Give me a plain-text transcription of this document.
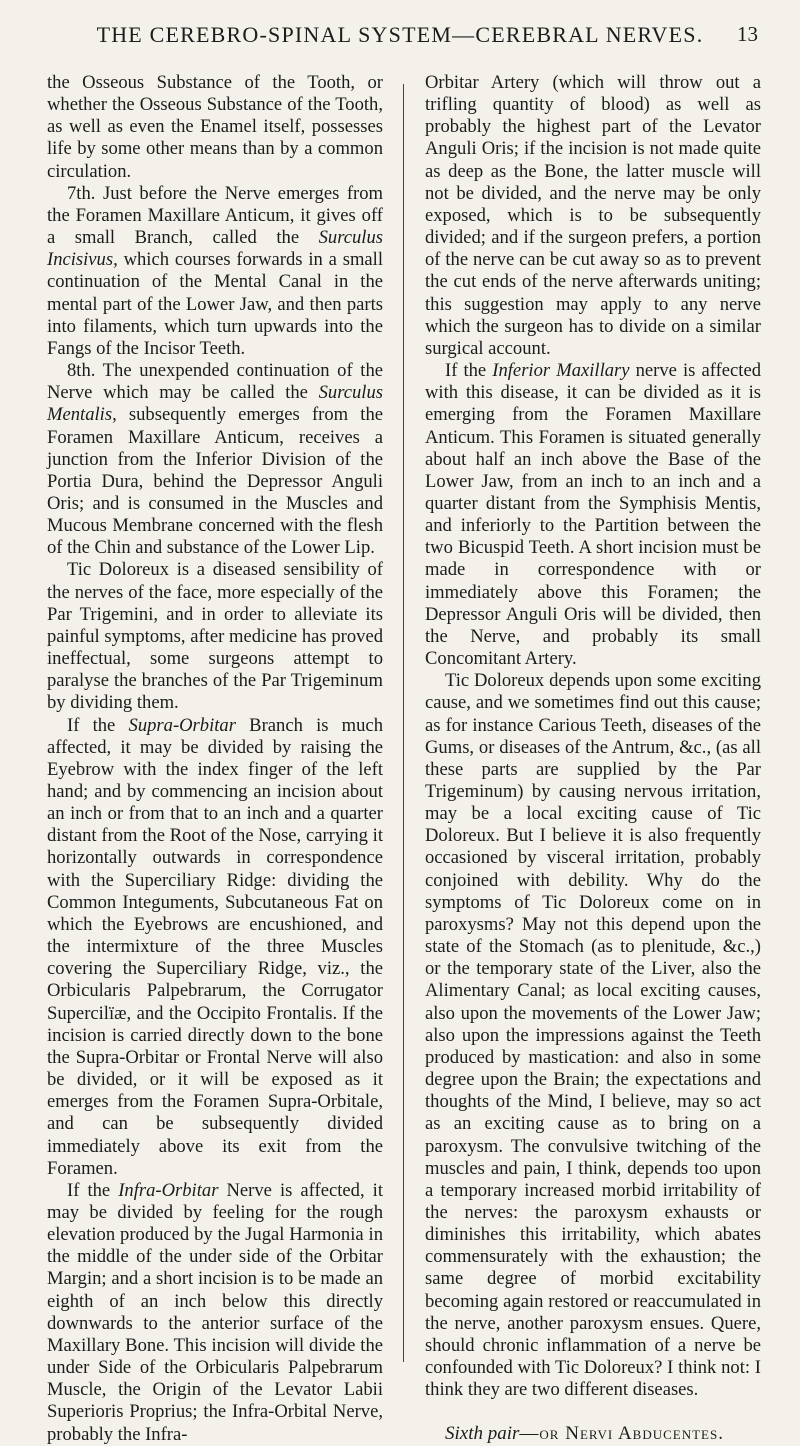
THE CEREBRO-SPINAL SYSTEM—CEREBRAL NERVES.	13

the Osseous Substance of the Tooth, or whether the Osseous Substance of the Tooth, as well as even the Enamel itself, possesses life by some other means than by a common circulation.

7th. Just before the Nerve emerges from the Foramen Maxillare Anticum, it gives off a small Branch, called the Surculus Incisivus, which courses forwards in a small continuation of the Mental Canal in the mental part of the Lower Jaw, and then parts into filaments, which turn upwards into the Fangs of the Incisor Teeth.

8th. The unexpended continuation of the Nerve which may be called the Surculus Mentalis, subsequently emerges from the Foramen Maxillare Anticum, receives a junction from the Inferior Division of the Portia Dura, behind the Depressor Anguli Oris; and is consumed in the Muscles and Mucous Membrane concerned with the flesh of the Chin and substance of the Lower Lip.

Tic Doloreux is a diseased sensibility of the nerves of the face, more especially of the Par Trigemini, and in order to alleviate its painful symptoms, after medicine has proved ineffectual, some surgeons attempt to paralyse the branches of the Par Trigeminum by dividing them.

If the Supra-Orbitar Branch is much affected, it may be divided by raising the Eyebrow with the index finger of the left hand; and by commencing an incision about an inch or from that to an inch and a quarter distant from the Root of the Nose, carrying it horizontally outwards in correspondence with the Superciliary Ridge: dividing the Common Integuments, Subcutaneous Fat on which the Eyebrows are encushioned, and the intermixture of the three Muscles covering the Superciliary Ridge, viz., the Orbicularis Palpebrarum, the Corrugator Supercilïæ, and the Occipito Frontalis. If the incision is carried directly down to the bone the Supra-Orbitar or Frontal Nerve will also be divided, or it will be exposed as it emerges from the Foramen Supra-Orbitale, and can be subsequently divided immediately above its exit from the Foramen.

If the Infra-Orbitar Nerve is affected, it may be divided by feeling for the rough elevation produced by the Jugal Harmonia in the middle of the under side of the Orbitar Margin; and a short incision is to be made an eighth of an inch below this directly downwards to the anterior surface of the Maxillary Bone. This incision will divide the under Side of the Orbicularis Palpebrarum Muscle, the Origin of the Levator Labii Superioris Proprius; the Infra-Orbital Nerve, probably the Infra-

Orbitar Artery (which will throw out a trifling quantity of blood) as well as probably the highest part of the Levator Anguli Oris; if the incision is not made quite as deep as the Bone, the latter muscle will not be divided, and the nerve may be only exposed, which is to be subsequently divided; and if the surgeon prefers, a portion of the nerve can be cut away so as to prevent the cut ends of the nerve afterwards uniting; this suggestion may apply to any nerve which the surgeon has to divide on a similar surgical account.

If the Inferior Maxillary nerve is affected with this disease, it can be divided as it is emerging from the Foramen Maxillare Anticum. This Foramen is situated generally about half an inch above the Base of the Lower Jaw, from an inch to an inch and a quarter distant from the Symphisis Mentis, and inferiorly to the Partition between the two Bicuspid Teeth. A short incision must be made in correspondence with or immediately above this Foramen; the Depressor Anguli Oris will be divided, then the Nerve, and probably its small Concomitant Artery.

Tic Doloreux depends upon some exciting cause, and we sometimes find out this cause; as for instance Carious Teeth, diseases of the Gums, or diseases of the Antrum, &c., (as all these parts are supplied by the Par Trigeminum) by causing nervous irritation, may be a local exciting cause of Tic Doloreux. But I believe it is also frequently occasioned by visceral irritation, probably conjoined with debility. Why do the symptoms of Tic Doloreux come on in paroxysms? May not this depend upon the state of the Stomach (as to plenitude, &c.,) or the temporary state of the Liver, also the Alimentary Canal; as local exciting causes, also upon the movements of the Lower Jaw; also upon the impressions against the Teeth produced by mastication: and also in some degree upon the Brain; the expectations and thoughts of the Mind, I believe, may so act as an exciting cause as to bring on a paroxysm. The convulsive twitching of the muscles and pain, I think, depends too upon a temporary increased morbid irritability of the nerves: the paroxysm exhausts or diminishes this irritability, which abates commensurately with the exhaustion; the same degree of morbid excitability becoming again restored or reaccumulated in the nerve, another paroxysm ensues. Quere, should chronic inflammation of a nerve be confounded with Tic Doloreux? I think not: I think they are two different diseases.

Sixth pair—or Nervi Abducentes.
